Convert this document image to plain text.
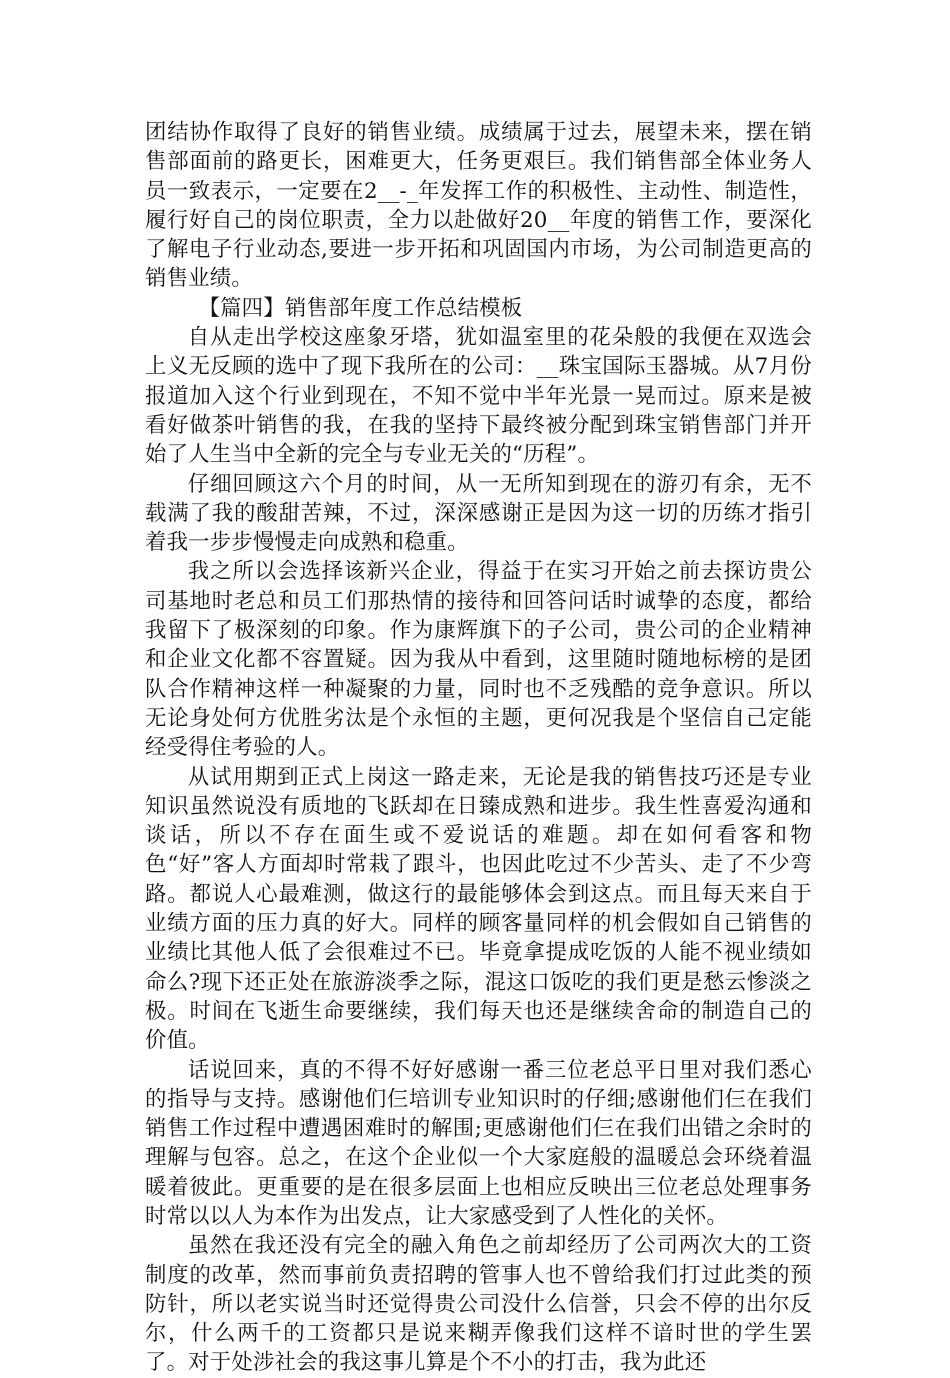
团结协作取得了良好的销售业绩。成绩属于过去，展望未来，摆在销售部面前的路更长，困难更大，任务更艰巨。我们销售部全体业务人员一致表示，一定要在2__-_年发挥工作的积极性、主动性、制造性，履行好自己的岗位职责，全力以赴做好20__年度的销售工作，要深化了解电子行业动态,要进一步开拓和巩固国内市场，为公司制造更高的销售业绩。

【篇四】销售部年度工作总结模板

自从走出学校这座象牙塔，犹如温室里的花朵般的我便在双选会上义无反顾的选中了现下我所在的公司：__珠宝国际玉器城。从7月份报道加入这个行业到现在，不知不觉中半年光景一晃而过。原来是被看好做茶叶销售的我，在我的坚持下最终被分配到珠宝销售部门并开始了人生当中全新的完全与专业无关的“历程”。

仔细回顾这六个月的时间，从一无所知到现在的游刃有余，无不载满了我的酸甜苦辣，不过，深深感谢正是因为这一切的历练才指引着我一步步慢慢走向成熟和稳重。

我之所以会选择该新兴企业，得益于在实习开始之前去探访贵公司基地时老总和员工们那热情的接待和回答问话时诚挚的态度，都给我留下了极深刻的印象。作为康辉旗下的子公司，贵公司的企业精神和企业文化都不容置疑。因为我从中看到，这里随时随地标榜的是团队合作精神这样一种凝聚的力量，同时也不乏残酷的竞争意识。所以无论身处何方优胜劣汰是个永恒的主题，更何况我是个坚信自己定能经受得住考验的人。

从试用期到正式上岗这一路走来，无论是我的销售技巧还是专业知识虽然说没有质地的飞跃却在日臻成熟和进步。我生性喜爱沟通和谈话，所以不存在面生或不爱说话的难题。却在如何看客和物色“好”客人方面却时常栽了跟斗，也因此吃过不少苦头、走了不少弯路。都说人心最难测，做这行的最能够体会到这点。而且每天来自于业绩方面的压力真的好大。同样的顾客量同样的机会假如自己销售的业绩比其他人低了会很难过不已。毕竟拿提成吃饭的人能不视业绩如命么?现下还正处在旅游淡季之际，混这口饭吃的我们更是愁云惨淡之极。时间在飞逝生命要继续，我们每天也还是继续舍命的制造自己的价值。

话说回来，真的不得不好好感谢一番三位老总平日里对我们悉心的指导与支持。感谢他们仨培训专业知识时的仔细;感谢他们仨在我们销售工作过程中遭遇困难时的解围;更感谢他们仨在我们出错之余时的理解与包容。总之，在这个企业似一个大家庭般的温暖总会环绕着温暖着彼此。更重要的是在很多层面上也相应反映出三位老总处理事务时常以以人为本作为出发点，让大家感受到了人性化的关怀。

虽然在我还没有完全的融入角色之前却经历了公司两次大的工资制度的改革，然而事前负责招聘的管事人也不曾给我们打过此类的预防针，所以老实说当时还觉得贵公司没什么信誉，只会不停的出尔反尔，什么两千的工资都只是说来糊弄像我们这样不谙时世的学生罢了。对于处涉社会的我这事儿算是个不小的打击，我为此还
